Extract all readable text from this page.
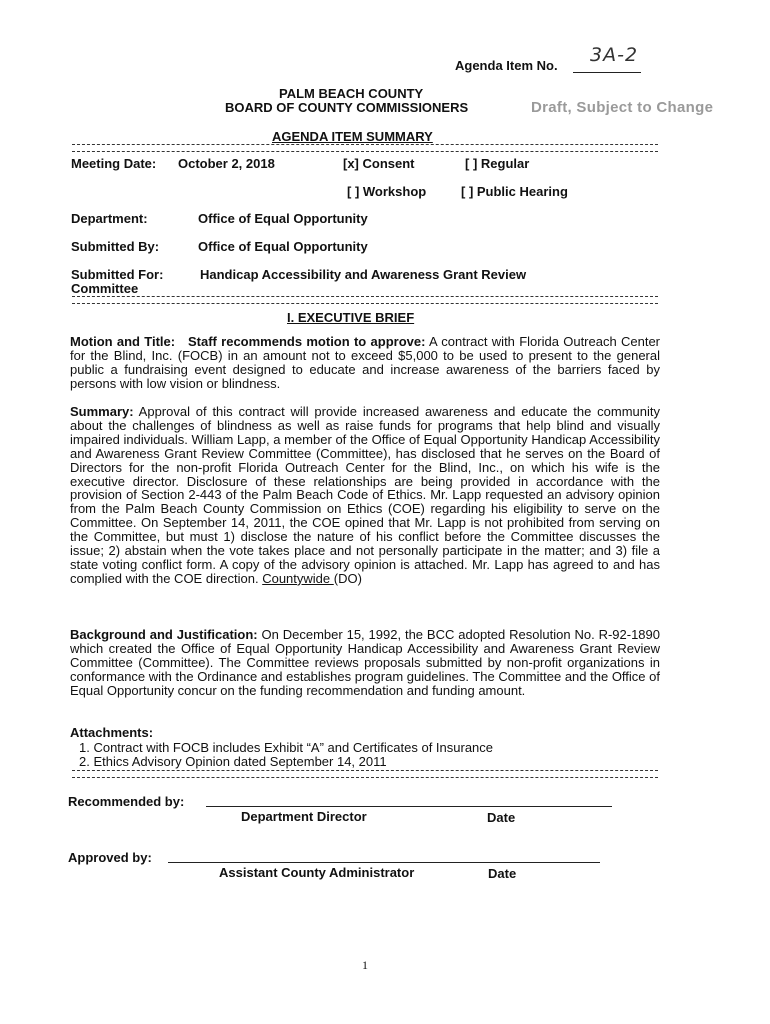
Agenda Item No. 3A-2
PALM BEACH COUNTY
BOARD OF COUNTY COMMISSIONERS	Draft, Subject to Change
AGENDA ITEM SUMMARY
Meeting Date: October 2, 2018	[x] Consent	[ ] Regular
[ ] Workshop	[ ] Public Hearing
Department:	Office of Equal Opportunity
Submitted By:	Office of Equal Opportunity
Submitted For:	Handicap Accessibility and Awareness Grant Review
Committee
I. EXECUTIVE BRIEF

Motion and Title: Staff recommends motion to approve: A contract with Florida Outreach Center for the Blind, Inc. (FOCB) in an amount not to exceed $5,000 to be used to present to the general public a fundraising event designed to educate and increase awareness of the barriers faced by persons with low vision or blindness.

Summary: Approval of this contract will provide increased awareness and educate the community about the challenges of blindness as well as raise funds for programs that help blind and visually impaired individuals. William Lapp, a member of the Office of Equal Opportunity Handicap Accessibility and Awareness Grant Review Committee (Committee), has disclosed that he serves on the Board of Directors for the non-profit Florida Outreach Center for the Blind, Inc., on which his wife is the executive director. Disclosure of these relationships are being provided in accordance with the provision of Section 2-443 of the Palm Beach Code of Ethics. Mr. Lapp requested an advisory opinion from the Palm Beach County Commission on Ethics (COE) regarding his eligibility to serve on the Committee. On September 14, 2011, the COE opined that Mr. Lapp is not prohibited from serving on the Committee, but must 1) disclose the nature of his conflict before the Committee discusses the issue; 2) abstain when the vote takes place and not personally participate in the matter; and 3) file a state voting conflict form. A copy of the advisory opinion is attached. Mr. Lapp has agreed to and has complied with the COE direction. Countywide (DO)

Background and Justification: On December 15, 1992, the BCC adopted Resolution No. R-92-1890 which created the Office of Equal Opportunity Handicap Accessibility and Awareness Grant Review Committee (Committee). The Committee reviews proposals submitted by non-profit organizations in conformance with the Ordinance and establishes program guidelines. The Committee and the Office of Equal Opportunity concur on the funding recommendation and funding amount.

Attachments:
1. Contract with FOCB includes Exhibit “A” and Certificates of Insurance
2. Ethics Advisory Opinion dated September 14, 2011
Recommended by:
Department Director	Date
Approved by:
Assistant County Administrator	Date
1
